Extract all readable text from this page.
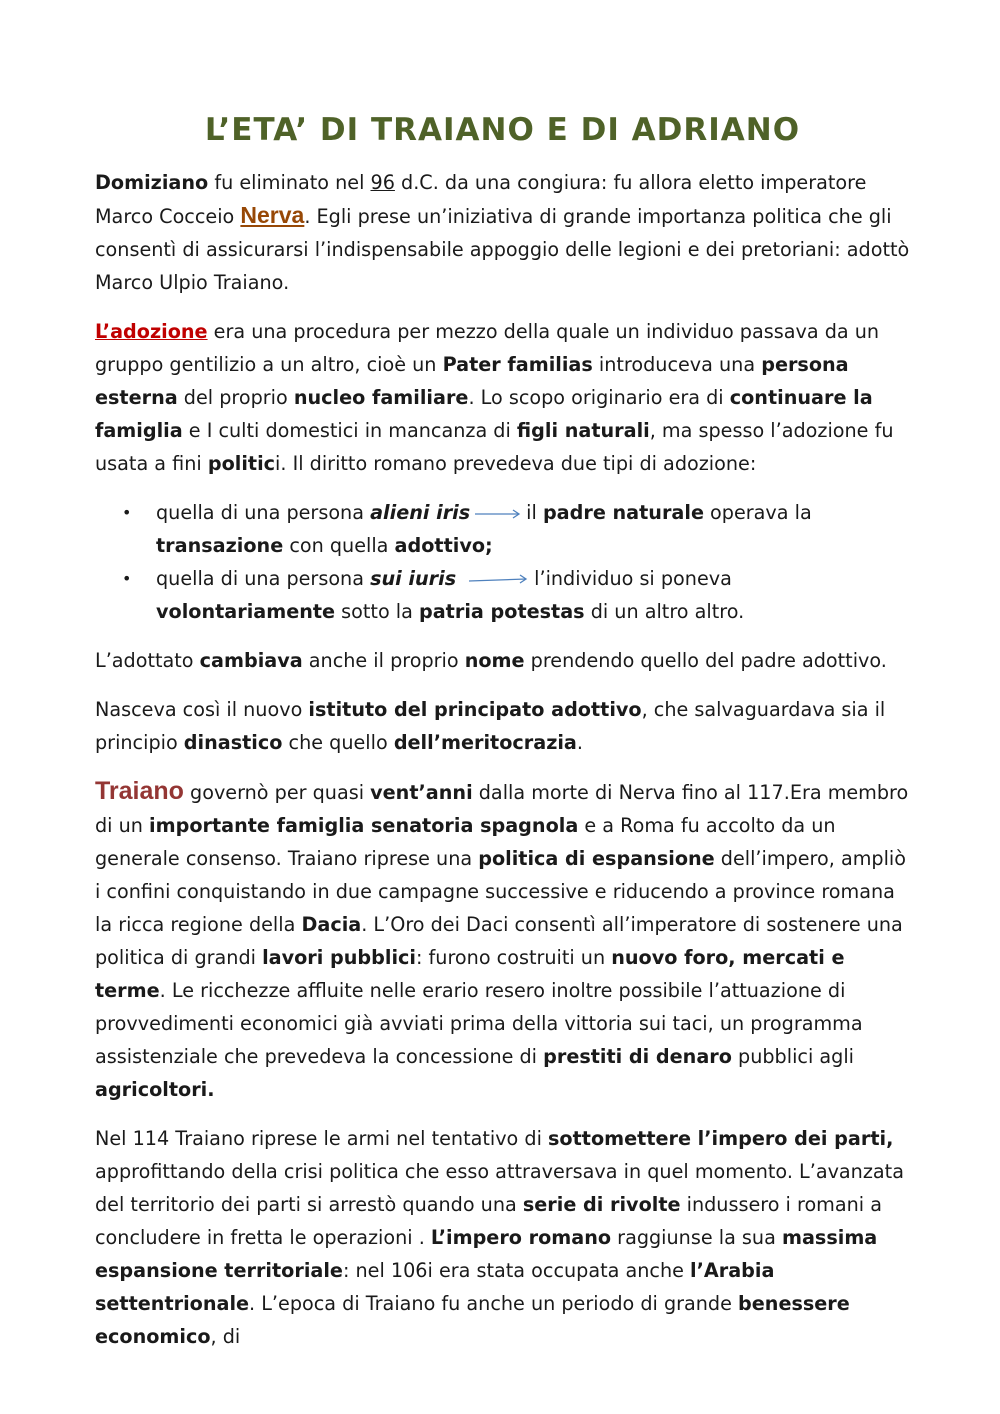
L’ETA’ DI TRAIANO E DI ADRIANO

Domiziano fu eliminato nel 96 d.C. da una congiura: fu allora eletto imperatore Marco Cocceio Nerva. Egli prese un’iniziativa di grande importanza politica che gli consentì di assicurarsi l’indispensabile appoggio delle legioni e dei pretoriani: adottò Marco Ulpio Traiano.

L’adozione era una procedura per mezzo della quale un individuo passava da un gruppo gentilizio a un altro, cioè un Pater familias introduceva una persona esterna del proprio nucleo familiare. Lo scopo originario era di continuare la famiglia e I culti domestici in mancanza di figli naturali, ma spesso l’adozione fu usata a fini politici. Il diritto romano prevedeva due tipi di adozione:

• quella di una persona alieni iris	il padre naturale operava la transazione con quella adottivo;
• quella di una persona sui iuris	l’individuo si poneva volontariamente sotto la patria potestas di un altro altro.

L’adottato cambiava anche il proprio nome prendendo quello del padre adottivo.

Nasceva così il nuovo istituto del principato adottivo, che salvaguardava sia il principio dinastico che quello dell’meritocrazia.

Traiano governò per quasi vent’anni dalla morte di Nerva fino al 117.Era membro di un importante famiglia senatoria spagnola e a Roma fu accolto da un generale consenso. Traiano riprese una politica di espansione dell’impero, ampliò i confini conquistando in due campagne successive e riducendo a province romana la ricca regione della Dacia. L’Oro dei Daci consentì all’imperatore di sostenere una politica di grandi lavori pubblici: furono costruiti un nuovo foro, mercati e terme. Le ricchezze affluite nelle erario resero inoltre possibile l’attuazione di provvedimenti economici già avviati prima della vittoria sui taci, un programma assistenziale che prevedeva la concessione di prestiti di denaro pubblici agli agricoltori.

Nel 114 Traiano riprese le armi nel tentativo di sottomettere l’impero dei parti, approfittando della crisi politica che esso attraversava in quel momento. L’avanzata del territorio dei parti si arrestò quando una serie di rivolte indussero i romani a concludere in fretta le operazioni . L’impero romano raggiunse la sua massima espansione territoriale: nel 106i era stata occupata anche l’Arabia settentrionale. L’epoca di Traiano fu anche un periodo di grande benessere economico, di
